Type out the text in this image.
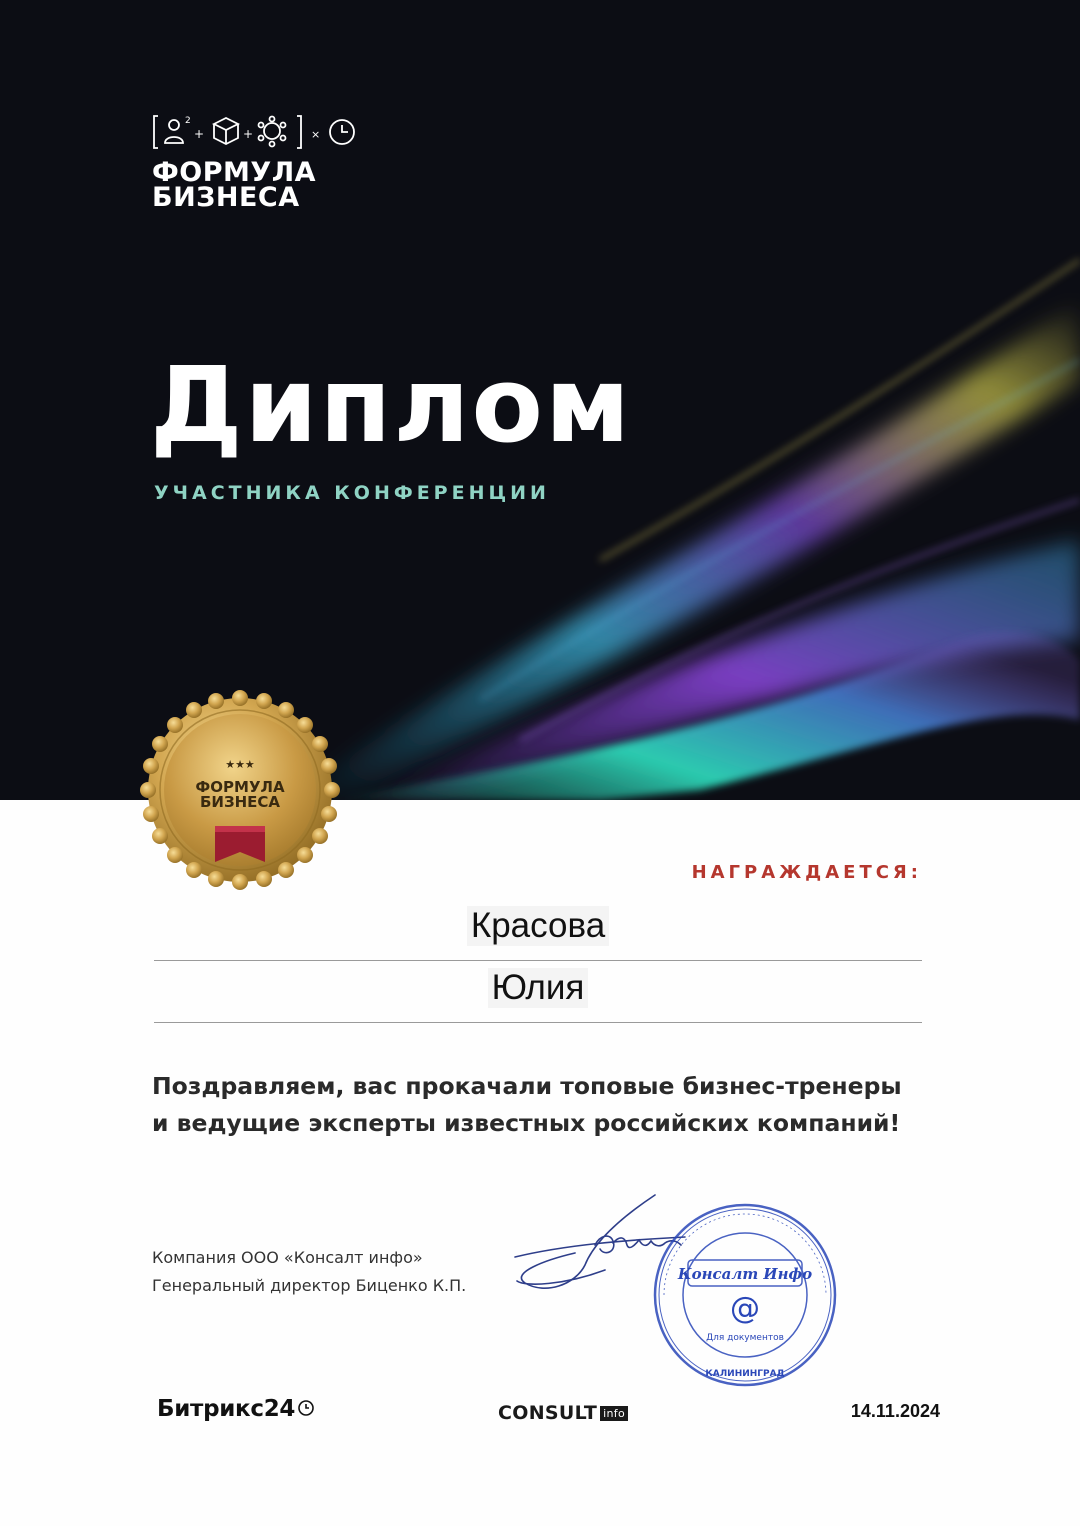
2
+	+	×
ФОРМУЛА
БИЗНЕСА
Диплом
УЧАСТНИКА КОНФЕРЕНЦИИ
★★★
ФОРМУЛА
БИЗНЕСА
НАГРАЖДАЕТСЯ:
Красова
Юлия
Поздравляем, вас прокачали топовые бизнес-тренеры
и ведущие эксперты известных российских компаний!
Компания ООО «Консалт инфо»
Генеральный директор Биценко К.П.
Консалт Инфо
@
Для документов
КАЛИНИНГРАД
Битрикс24	CONSULT info	14.11.2024
